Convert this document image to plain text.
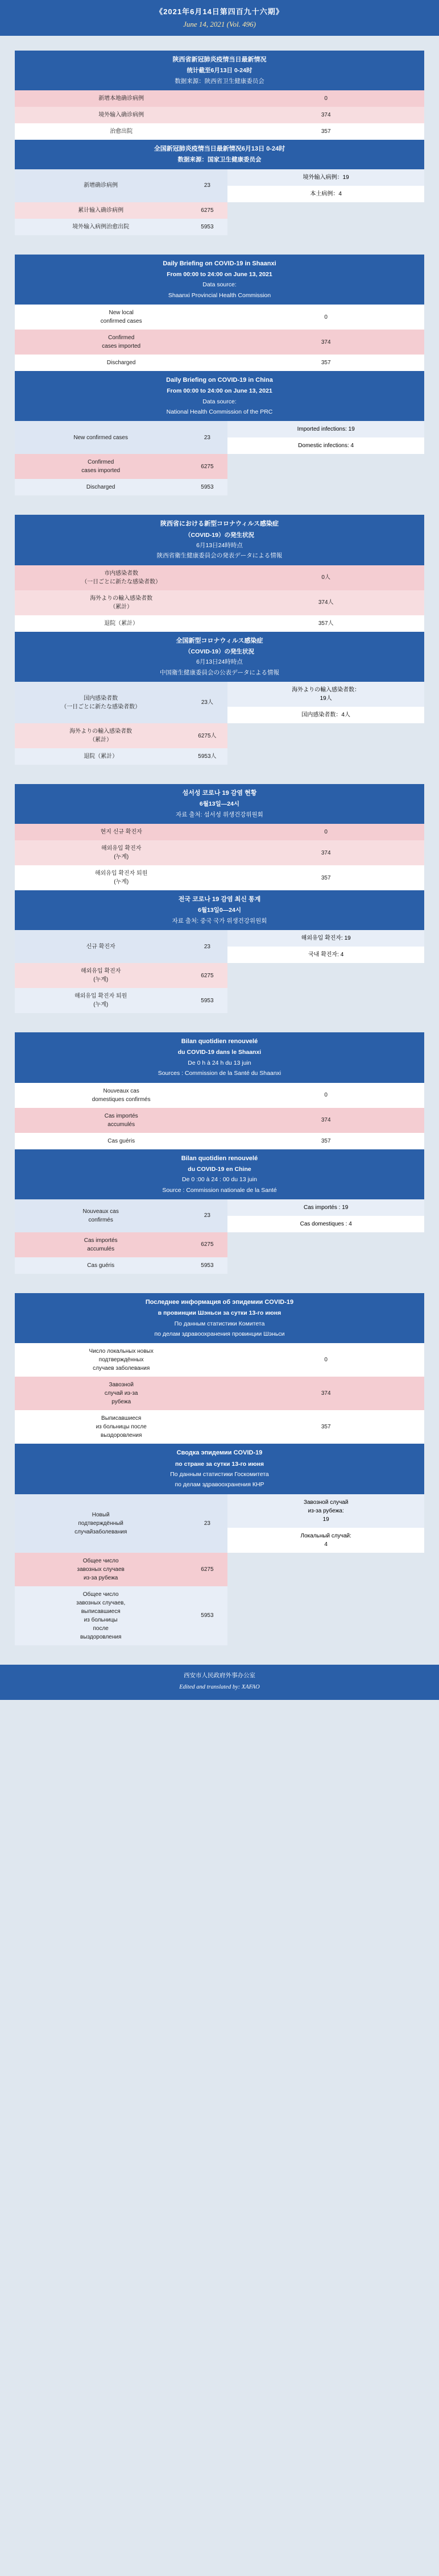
《2021年6月14日第四百九十六期》
June 14, 2021 (Vol. 496)
陕西省新冠肺炎疫情当日最新情况
统计截至6月13日 0-24时
数据来源：陕西省卫生健康委员会
新增本地确诊病例	0
境外输入确诊病例	374
治愈出院	357
全国新冠肺炎疫情当日最新情况6月13日 0-24时
数据来源：国家卫生健康委员会
新增确诊病例	23	
境外输入病例：19
本土病例：4

累计输入确诊病例	6275
境外输入病例治愈出院	5953
Daily Briefing on COVID-19 in Shaanxi
From 00:00 to 24:00 on June 13, 2021
Data source:
Shaanxi Provincial Health Commission
New local
confirmed cases	0
Confirmed
cases imported	374
Discharged	357
Daily Briefing on COVID-19 in China
From 00:00 to 24:00 on June 13, 2021
Data source:
National Health Commission of the PRC
New confirmed cases	23	
Imported infections: 19
Domestic infections: 4

Confirmed
cases imported	6275
Discharged	5953
陝西省における新型コロナウィルス感染症
（COVID-19）の発生状況
6月13日24時時点
陝西省衛生健康委員会の発表データによる情報
市内感染者数
（一日ごとに新たな感染者数）	0人
海外よりの輸入感染者数
（累計）	374人
退院（累計）	357人
全国新型コロナウィルス感染症
（COVID-19）の発生状況
6月13日24時時点
中国衛生健康委員会の公表データによる情報
国内感染者数
（一日ごとに新たな感染者数）	23人	
海外よりの輸入感染者数：
19人
国内感染者数：4人

海外よりの輸入感染者数
（累計）	6275人
退院（累計）	5953人
섬서성 코로나 19 감염 현황
6월13일—24시
자료 출처: 섬서성 위생건강위원회
현지 신규 확진자	0
해외유입 확진자
(누계)	374
해외유입 확진자 퇴원
(누계)	357
전국 코로나 19 감염 최신 통계
6월13일0—24시
자료 출처: 중국 국가 위생건강위원회
신규 확진자	23	
해외유입 확진자: 19
국내 확진자: 4

해외유입 확진자
(누계)	6275
해외유입 확진자 퇴원
(누계)	5953
Bilan quotidien renouvelé
du COVID-19 dans le Shaanxi
De 0 h à 24 h du 13 juin
Sources : Commission de la Santé du Shaanxi
Nouveaux cas
domestiques confirmés	0
Cas importés
accumulés	374
Cas guéris	357
Bilan quotidien renouvelé
du COVID-19 en Chine
De 0 :00 à 24 : 00 du 13 juin
Source : Commission nationale de la Santé
Nouveaux cas
confirmés	23	
Cas importés : 19
Cas domestiques : 4

Cas importés
accumulés	6275
Cas guéris	5953
Последнее информация об эпидемии COVID-19
в провинции Шэньси за сутки 13-го июня
По данным статистики Комитета
по делам здравоохранения провинции Шэньси
Число локальных новых
подтверждённых
случаев заболевания	0
Завозной
случай из-за
рубежа	374
Выписавшиеся
из больницы после
выздоровления	357
Сводка эпидемии COVID-19
по стране за сутки 13-го июня
По данным статистики Госкомитета
по делам здравоохранения КНР
Новый
подтверждённый
случайзаболевания	23	
Завозной случай
из-за рубежа:
19
Локальный случай:
4

Общее число
завозных случаев
из-за рубежа	6275
Общее число
завозных случаев,
выписавшиеся
из больницы
после
выздоровления	5953
西安市人民政府外事办公室
Edited and translated by: XAFAO
